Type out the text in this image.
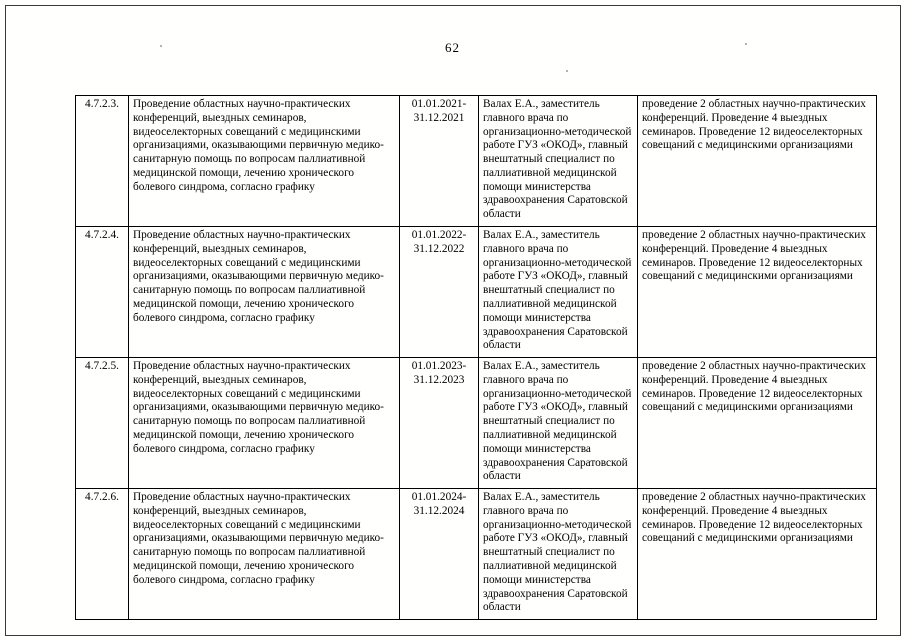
62
4.7.2.3.	Проведение областных научно-практических конференций, выездных семинаров, видеоселекторных совещаний с медицинскими организациями, оказывающими первичную медико-санитарную помощь по вопросам паллиативной медицинской помощи, лечению хронического болевого синдрома, согласно графику	01.01.2021- 31.12.2021	Валах Е.А., заместитель главного врача по организационно-методической работе ГУЗ «ОКОД», главный внештатный специалист по паллиативной медицинской помощи министерства здравоохранения Саратовской области	проведение 2 областных научно-практических конференций. Проведение 4 выездных семинаров. Проведение 12 видеоселекторных совещаний с медицинскими организациями
4.7.2.4.	Проведение областных научно-практических конференций, выездных семинаров, видеоселекторных совещаний с медицинскими организациями, оказывающими первичную медико-санитарную помощь по вопросам паллиативной медицинской помощи, лечению хронического болевого синдрома, согласно графику	01.01.2022- 31.12.2022	Валах Е.А., заместитель главного врача по организационно-методической работе ГУЗ «ОКОД», главный внештатный специалист по паллиативной медицинской помощи министерства здравоохранения Саратовской области	проведение 2 областных научно-практических конференций. Проведение 4 выездных семинаров. Проведение 12 видеоселекторных совещаний с медицинскими организациями
4.7.2.5.	Проведение областных научно-практических конференций, выездных семинаров, видеоселекторных совещаний с медицинскими организациями, оказывающими первичную медико-санитарную помощь по вопросам паллиативной медицинской помощи, лечению хронического болевого синдрома, согласно графику	01.01.2023- 31.12.2023	Валах Е.А., заместитель главного врача по организационно-методической работе ГУЗ «ОКОД», главный внештатный специалист по паллиативной медицинской помощи министерства здравоохранения Саратовской области	проведение 2 областных научно-практических конференций. Проведение 4 выездных семинаров. Проведение 12 видеоселекторных совещаний с медицинскими организациями
4.7.2.6.	Проведение областных научно-практических конференций, выездных семинаров, видеоселекторных совещаний с медицинскими организациями, оказывающими первичную медико-санитарную помощь по вопросам паллиативной медицинской помощи, лечению хронического болевого синдрома, согласно графику	01.01.2024- 31.12.2024	Валах Е.А., заместитель главного врача по организационно-методической работе ГУЗ «ОКОД», главный внештатный специалист по паллиативной медицинской помощи министерства здравоохранения Саратовской области	проведение 2 областных научно-практических конференций. Проведение 4 выездных семинаров. Проведение 12 видеоселекторных совещаний с медицинскими организациями
